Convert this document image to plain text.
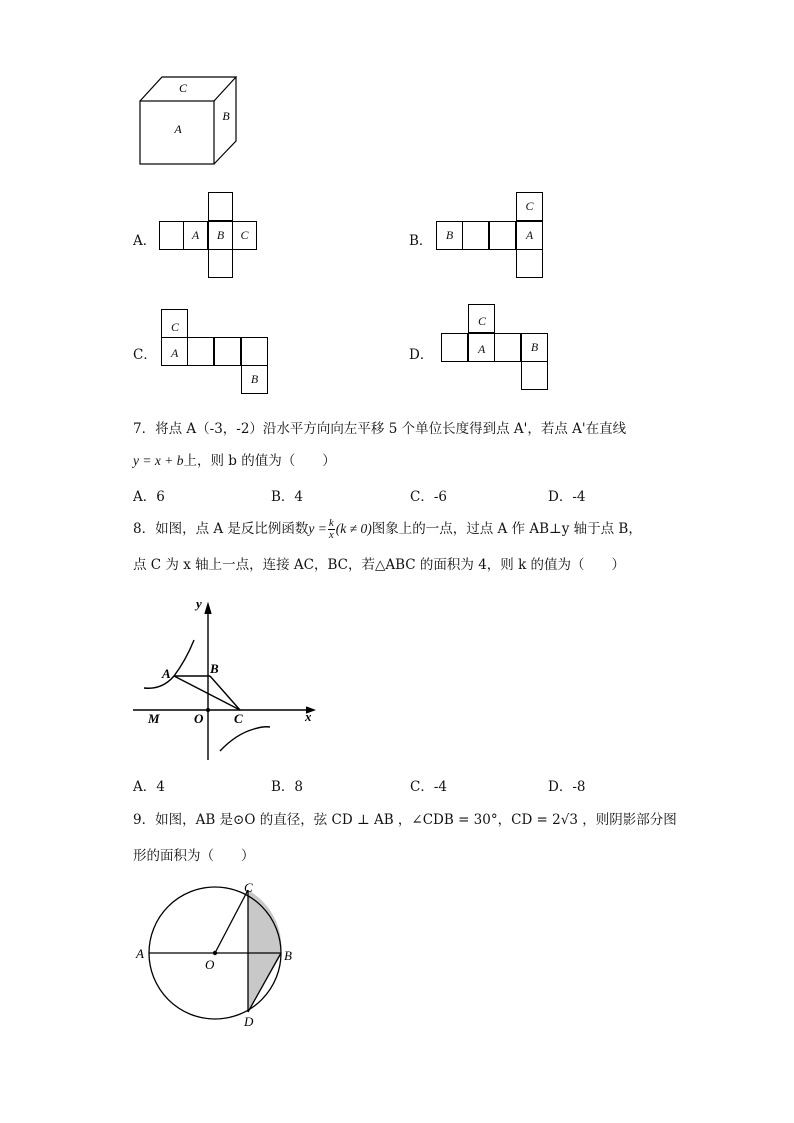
C
A
B
A．	A	B	C	B．	B
C
A
C．
B
C
A	D．	B
C
A
7．将点 A（-3，-2）沿水平方向向左平移 5 个单位长度得到点 A'，若点 A'在直线
y = x + b上，则 b 的值为（　　）
A．6	B．4	C．-6	D．-4
8．如图，点 A 是反比例函数$y = \frac{k}{x} (k \ne 0)$图象上的一点，过点 A 作 AB⊥y 轴于点 B，
点 C 为 x 轴上一点，连接 AC，BC，若△ABC 的面积为 4，则 k 的值为（　　）
y
x
A	B
O
M	C
A．4	B．8	C．-4	D．-8
9．如图，AB 是⊙O 的直径，弦 CD ⊥ AB ，∠CDB = 30°，CD = 2√3 ，则阴影部分图
形的面积为（　　）
A	B
C
D
O
